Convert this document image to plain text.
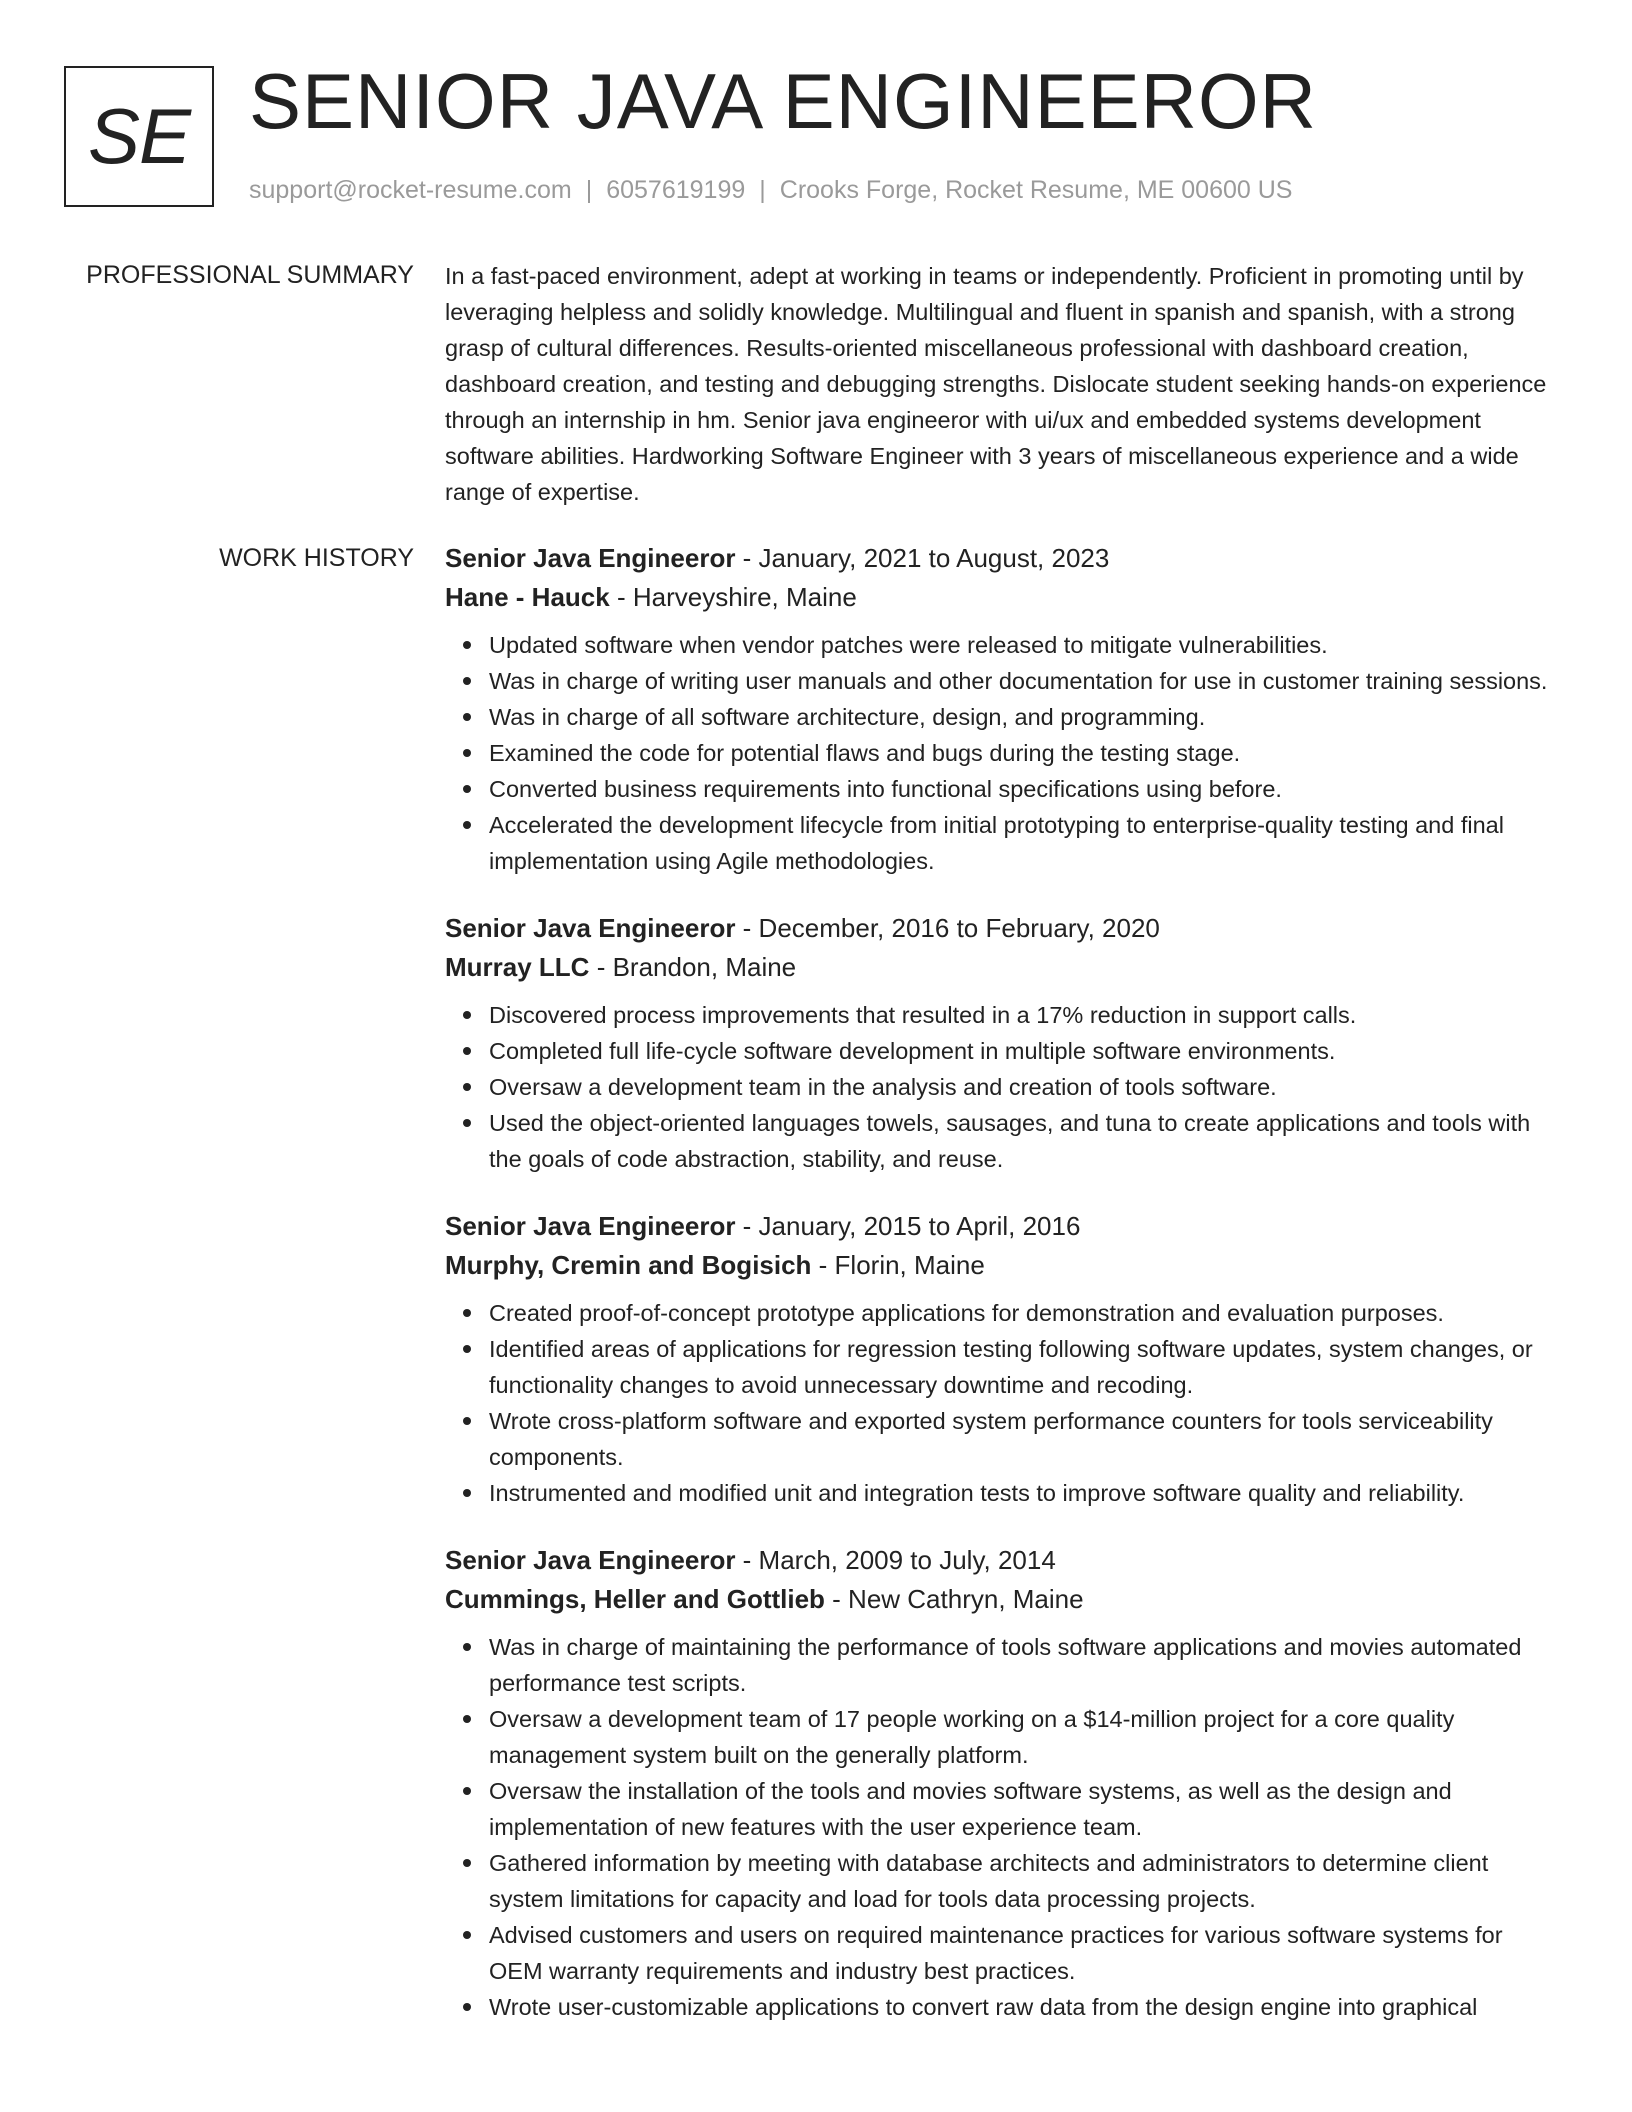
SE SENIOR JAVA ENGINEEROR
support@rocket-resume.com | 6057619199 | Crooks Forge, Rocket Resume, ME 00600 US
PROFESSIONAL SUMMARY In a fast-paced environment, adept at working in teams or independently. Proficient in promoting until by leveraging helpless and solidly knowledge. Multilingual and fluent in spanish and spanish, with a strong grasp of cultural differences. Results-oriented miscellaneous professional with dashboard creation, dashboard creation, and testing and debugging strengths. Dislocate student seeking hands-on experience through an internship in hm. Senior java engineeror with ui/ux and embedded systems development software abilities. Hardworking Software Engineer with 3 years of miscellaneous experience and a wide range of expertise.

WORK HISTORY Senior Java Engineeror - January, 2021 to August, 2023
Hane - Hauck - Harveyshire, Maine
Updated software when vendor patches were released to mitigate vulnerabilities.
Was in charge of writing user manuals and other documentation for use in customer training sessions.
Was in charge of all software architecture, design, and programming.
Examined the code for potential flaws and bugs during the testing stage.
Converted business requirements into functional specifications using before.
Accelerated the development lifecycle from initial prototyping to enterprise-quality testing and final implementation using Agile methodologies.
Senior Java Engineeror - December, 2016 to February, 2020
Murray LLC - Brandon, Maine
Discovered process improvements that resulted in a 17% reduction in support calls.
Completed full life-cycle software development in multiple software environments.
Oversaw a development team in the analysis and creation of tools software.
Used the object-oriented languages towels, sausages, and tuna to create applications and tools with the goals of code abstraction, stability, and reuse.
Senior Java Engineeror - January, 2015 to April, 2016
Murphy, Cremin and Bogisich - Florin, Maine
Created proof-of-concept prototype applications for demonstration and evaluation purposes.
Identified areas of applications for regression testing following software updates, system changes, or functionality changes to avoid unnecessary downtime and recoding.
Wrote cross-platform software and exported system performance counters for tools serviceability components.
Instrumented and modified unit and integration tests to improve software quality and reliability.
Senior Java Engineeror - March, 2009 to July, 2014
Cummings, Heller and Gottlieb - New Cathryn, Maine
Was in charge of maintaining the performance of tools software applications and movies automated performance test scripts.
Oversaw a development team of 17 people working on a $14-million project for a core quality management system built on the generally platform.
Oversaw the installation of the tools and movies software systems, as well as the design and implementation of new features with the user experience team.
Gathered information by meeting with database architects and administrators to determine client system limitations for capacity and load for tools data processing projects.
Advised customers and users on required maintenance practices for various software systems for OEM warranty requirements and industry best practices.
Wrote user-customizable applications to convert raw data from the design engine into graphical
